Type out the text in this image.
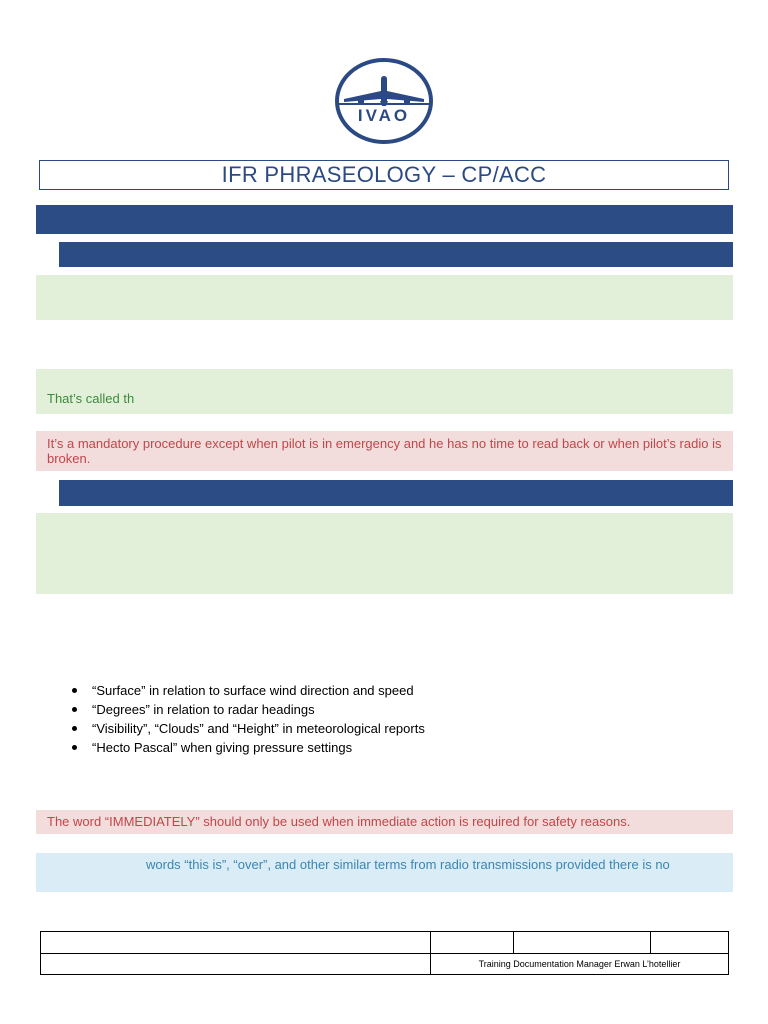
IVAO
IFR PHRASEOLOGY – CP/ACC
That’s called th
It’s a mandatory procedure except when pilot is in emergency and he has no time to read back or when pilot’s radio is broken.
“Surface” in relation to surface wind direction and speed
“Degrees” in relation to radar headings
“Visibility”, “Clouds” and “Height” in meteorological reports
“Hecto Pascal” when giving pressure settings
The word “IMMEDIATELY” should only be used when immediate action is required for safety reasons.
words “this is”, “over”, and other similar terms from radio transmissions provided there is no

	Training Documentation Manager Erwan L’hotellier		
